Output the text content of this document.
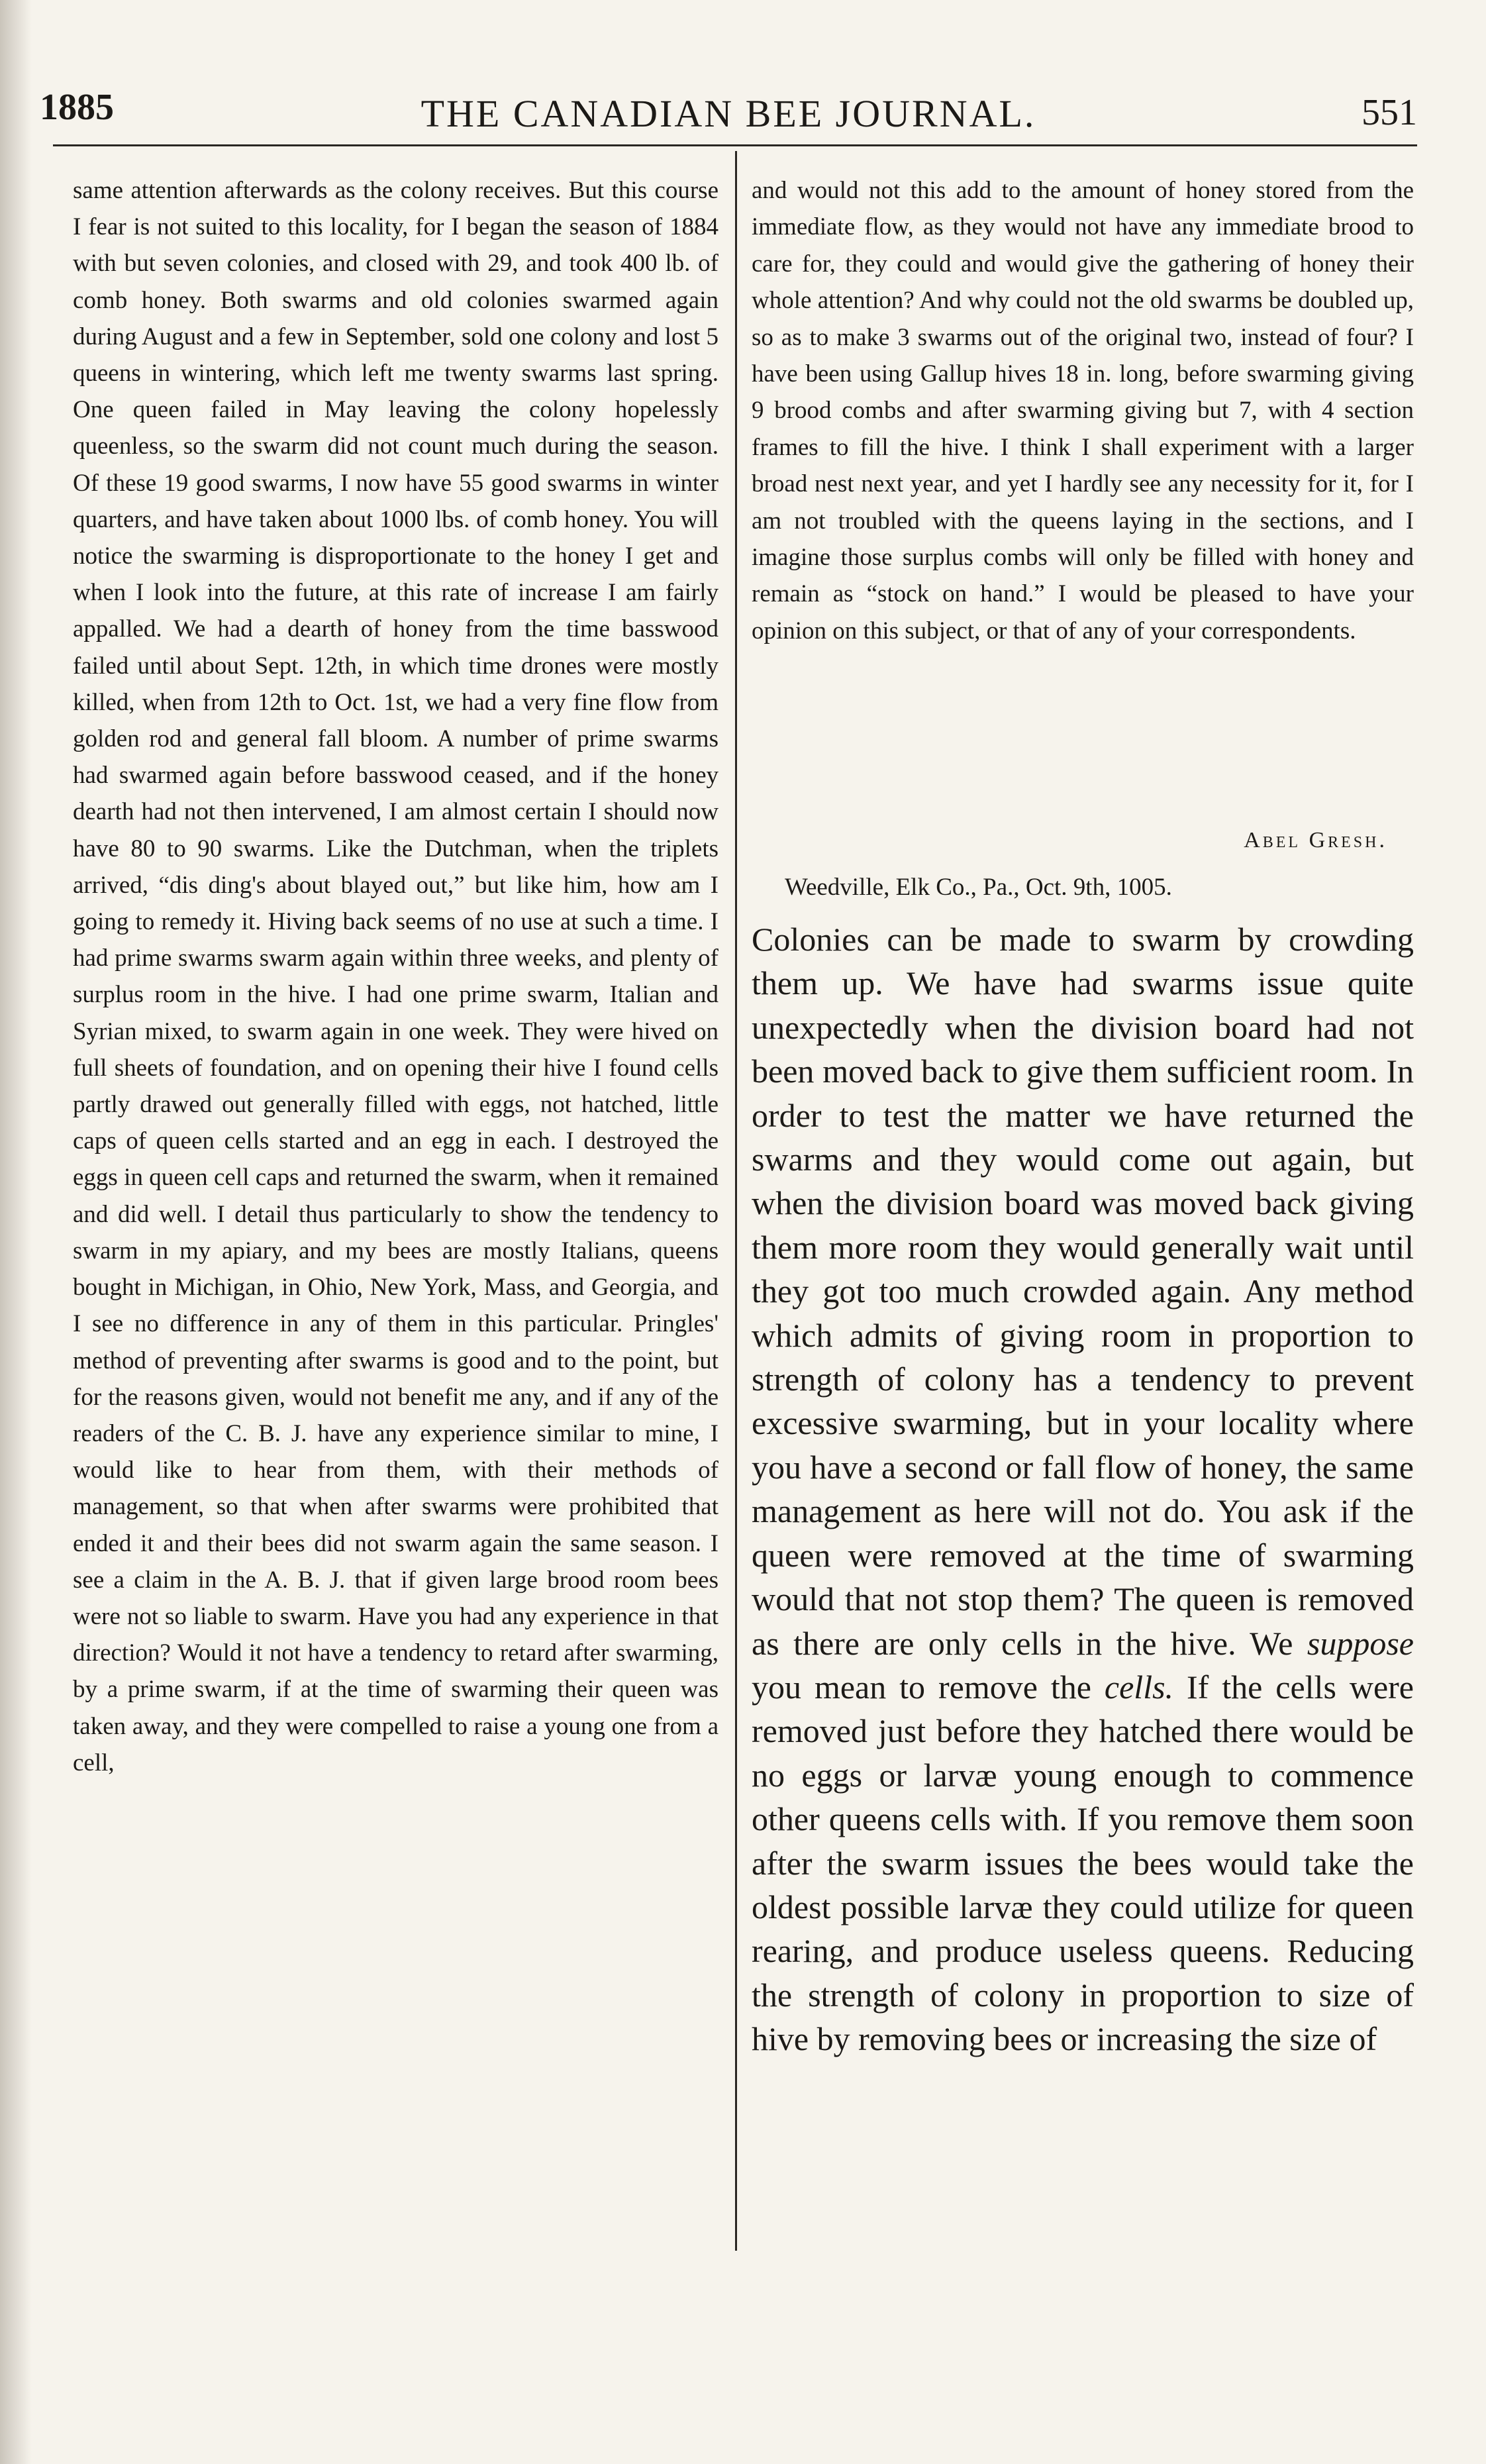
1885	THE CANADIAN BEE JOURNAL.	551

same attention afterwards as the colony receives. But this course I fear is not suited to this locality, for I began the season of 1884 with but seven colonies, and closed with 29, and took 400 lb. of comb honey. Both swarms and old colonies swarmed again during August and a few in September, sold one colony and lost 5 queens in wintering, which left me twenty swarms last spring. One queen failed in May leaving the colony hopelessly queenless, so the swarm did not count much during the season. Of these 19 good swarms, I now have 55 good swarms in winter quarters, and have taken about 1000 lbs. of comb honey. You will notice the swarming is disproportionate to the honey I get and when I look into the future, at this rate of increase I am fairly appalled. We had a dearth of honey from the time basswood failed until about Sept. 12th, in which time drones were mostly killed, when from 12th to Oct. 1st, we had a very fine flow from golden rod and general fall bloom. A number of prime swarms had swarmed again before basswood ceased, and if the honey dearth had not then intervened, I am almost certain I should now have 80 to 90 swarms. Like the Dutchman, when the triplets arrived, “dis ding's about blayed out,” but like him, how am I going to remedy it. Hiving back seems of no use at such a time. I had prime swarms swarm again within three weeks, and plenty of surplus room in the hive. I had one prime swarm, Italian and Syrian mixed, to swarm again in one week. They were hived on full sheets of foundation, and on opening their hive I found cells partly drawed out generally filled with eggs, not hatched, little caps of queen cells started and an egg in each. I destroyed the eggs in queen cell caps and returned the swarm, when it remained and did well. I detail thus particularly to show the tendency to swarm in my apiary, and my bees are mostly Italians, queens bought in Michigan, in Ohio, New York, Mass, and Georgia, and I see no difference in any of them in this particular. Pringles' method of preventing after swarms is good and to the point, but for the reasons given, would not benefit me any, and if any of the readers of the C. B. J. have any experience similar to mine, I would like to hear from them, with their methods of management, so that when after swarms were prohibited that ended it and their bees did not swarm again the same season. I see a claim in the A. B. J. that if given large brood room bees were not so liable to swarm. Have you had any experience in that direction? Would it not have a tendency to retard after swarming, by a prime swarm, if at the time of swarming their queen was taken away, and they were compelled to raise a young one from a cell,

and would not this add to the amount of honey stored from the immediate flow, as they would not have any immediate brood to care for, they could and would give the gathering of honey their whole attention? And why could not the old swarms be doubled up, so as to make 3 swarms out of the original two, instead of four? I have been using Gallup hives 18 in. long, before swarming giving 9 brood combs and after swarming giving but 7, with 4 section frames to fill the hive. I think I shall experiment with a larger broad nest next year, and yet I hardly see any necessity for it, for I am not troubled with the queens laying in the sections, and I imagine those surplus combs will only be filled with honey and remain as “stock on hand.” I would be pleased to have your opinion on this subject, or that of any of your correspondents.

Abel Gresh.
Weedville, Elk Co., Pa., Oct. 9th, 1005.

Colonies can be made to swarm by crowding them up. We have had swarms issue quite unexpectedly when the division board had not been moved back to give them sufficient room. In order to test the matter we have returned the swarms and they would come out again, but when the division board was moved back giving them more room they would generally wait until they got too much crowded again. Any method which admits of giving room in proportion to strength of colony has a tendency to prevent excessive swarming, but in your locality where you have a second or fall flow of honey, the same management as here will not do. You ask if the queen were removed at the time of swarming would that not stop them? The queen is removed as there are only cells in the hive. We suppose you mean to remove the cells. If the cells were removed just before they hatched there would be no eggs or larvæ young enough to commence other queens cells with. If you remove them soon after the swarm issues the bees would take the oldest possible larvæ they could utilize for queen rearing, and produce useless queens. Reducing the strength of colony in proportion to size of hive by removing bees or increasing the size of
